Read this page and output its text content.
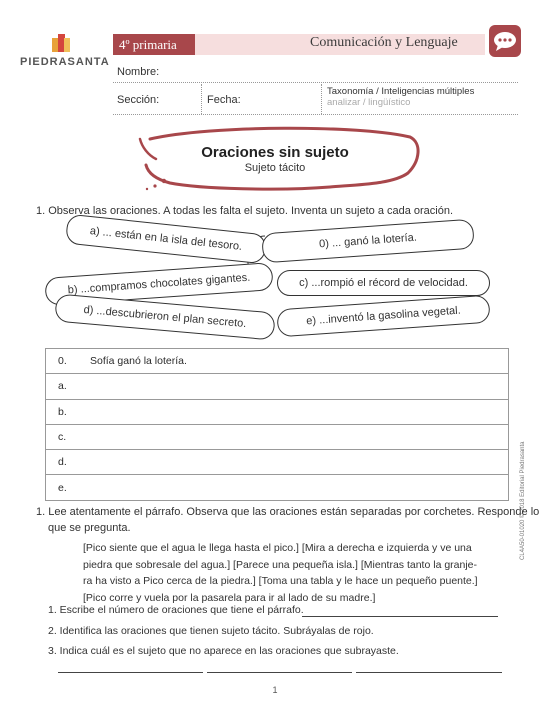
PIEDRASANTA
4º primaria	Comunicación y Lenguaje
Nombre:
Sección:	Fecha:
Taxonomía / Inteligencias múltiples
analizar / lingüístico
Oraciones sin sujeto
Sujeto tácito
1. Observa las oraciones. A todas les falta el sujeto. Inventa un sujeto a cada oración.
a) ... están en la isla del tesoro.	0) ... ganó la lotería.
b) ...compramos chocolates gigantes.	c) ...rompió el récord de velocidad.
d) ...descubrieron el plan secreto.	e) ...inventó la gasolina vegetal.
0.	Sofía ganó la lotería.
a.
b.
c.
d.
e.
1. Lee atentamente el párrafo. Observa que las oraciones están separadas por corchetes. Responde lo
que se pregunta.
[Pico siente que el agua le llega hasta el pico.] [Mira a derecha e izquierda y ve una
piedra que sobresale del agua.] [Parece una pequeña isla.] [Mientras tanto la granje-
ra ha visto a Pico cerca de la piedra.] [Toma una tabla y le hace un pequeño puente.]
[Pico corre y vuela por la pasarela para ir al lado de su madre.]
1. Escribe el número de oraciones que tiene el párrafo.
2. Identifica las oraciones que tienen sujeto tácito. Subráyalas de rojo.
3. Indica cuál es el sujeto que no aparece en las oraciones que subrayaste.
CL4A50-01020 © 2018 Editorial Piedrasanta
1
